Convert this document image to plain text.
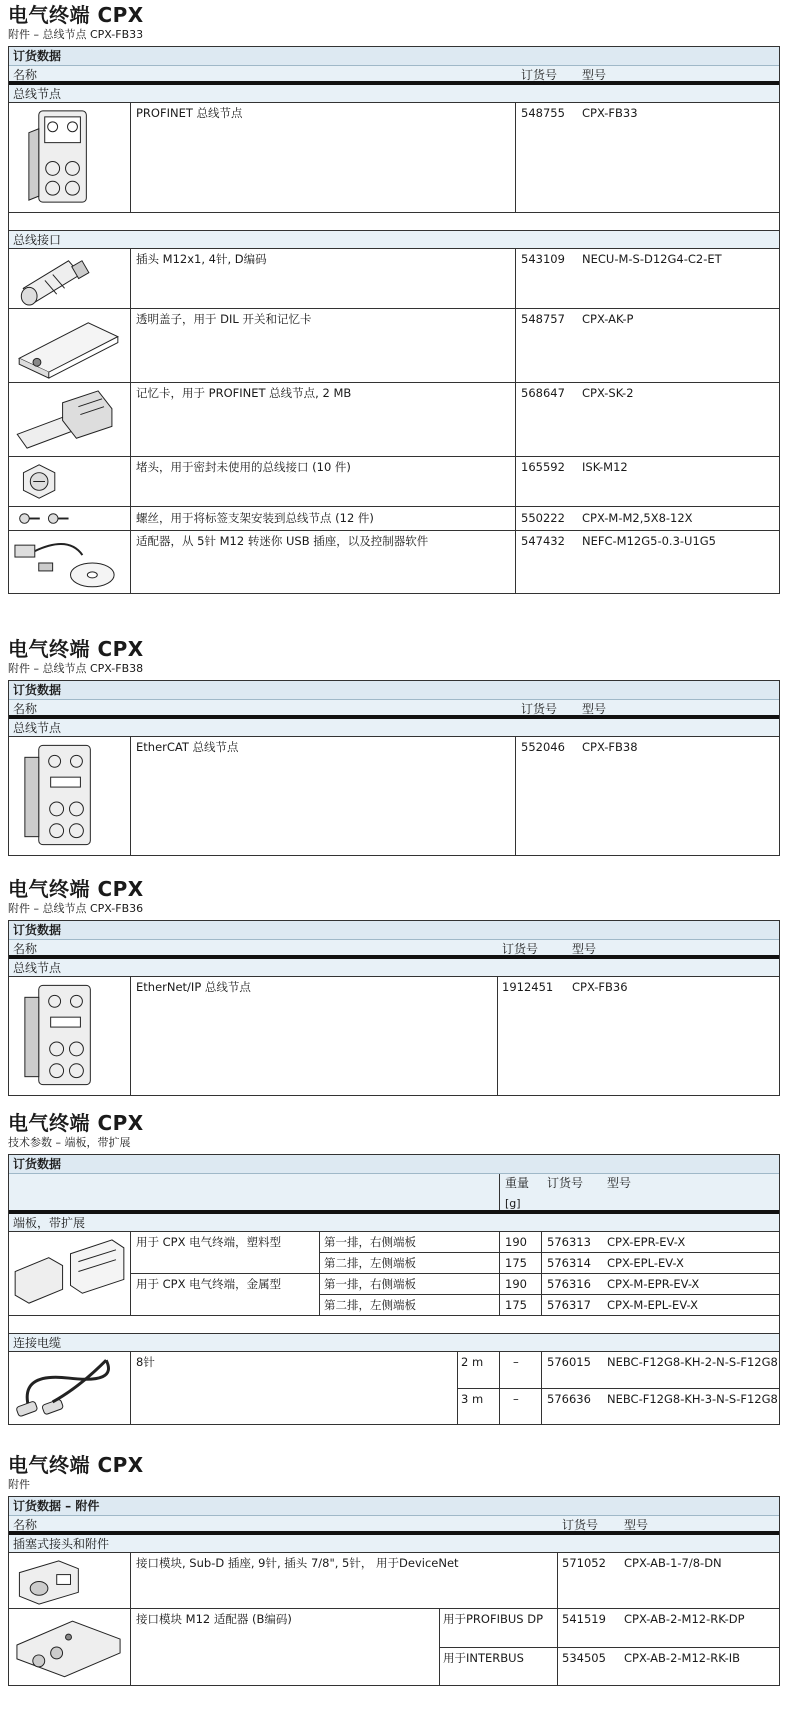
电气终端 CPX
附件 – 总线节点 CPX-FB33
订货数据
名称	订货号 型号
总线节点
PROFINET 总线节点	548755 CPX-FB33
总线接口
插头 M12x1, 4针, D编码	543109 NECU-M-S-D12G4-C2-ET
透明盖子，用于 DIL 开关和记忆卡	548757 CPX-AK-P
记忆卡，用于 PROFINET 总线节点, 2 MB	568647 CPX-SK-2
堵头，用于密封未使用的总线接口 (10 件)	165592 ISK-M12
螺丝，用于将标签支架安装到总线节点 (12 件)	550222 CPX-M-M2,5X8-12X
适配器，从 5针 M12 转迷你 USB 插座，以及控制器软件	547432 NEFC-M12G5-0.3-U1G5
电气终端 CPX
附件 – 总线节点 CPX-FB38
订货数据
名称	订货号 型号
总线节点
EtherCAT 总线节点	552046 CPX-FB38
电气终端 CPX
附件 – 总线节点 CPX-FB36
订货数据
名称	订货号	型号
总线节点
EtherNet/IP 总线节点	1912451 CPX-FB36
电气终端 CPX
技术参数 – 端板，带扩展
订货数据
重量
[g]
订货号 型号
端板，带扩展
用于 CPX 电气终端，塑料型	第一排，右侧端板	190 576313 CPX-EPR-EV-X
第二排，左侧端板	175 576314 CPX-EPL-EV-X
用于 CPX 电气终端，金属型	第一排，右侧端板	190 576316 CPX-M-EPR-EV-X
第二排，左侧端板	175 576317 CPX-M-EPL-EV-X
连接电缆
8针	2 m	– 576015 NEBC-F12G8-KH-2-N-S-F12G8
3 m	– 576636 NEBC-F12G8-KH-3-N-S-F12G8
电气终端 CPX
附件
订货数据 – 附件
名称	订货号 型号
插塞式接头和附件
接口模块, Sub-D 插座, 9针, 插头 7/8", 5针， 用于DeviceNet	571052 CPX-AB-1-7/8-DN
接口模块 M12 适配器 (B编码)	用于PROFIBUS DP 541519 CPX-AB-2-M12-RK-DP
用于INTERBUS	534505 CPX-AB-2-M12-RK-IB
